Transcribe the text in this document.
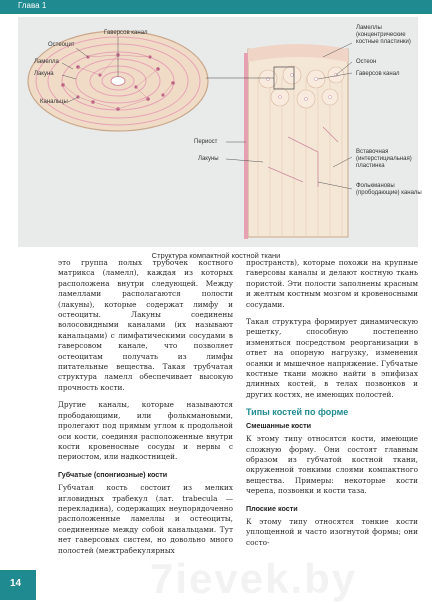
Глава 1
Гаверсов канал
Остеоцит
Ламелла
Лакуна
Канальцы
Ламеллы
(концентрические
костные пластинки)
Остеон
Гаверсов канал
Вставочная
(интерстициальная)
пластинка
Фолькмановы
(прободающие) каналы
Периост
Лакуны
Структура компактной костной ткани

это группа полых трубочек костного матрикса (ламелл), каждая из которых расположена внутри следующей. Между ламеллами располагаются полости (лакуны), которые содержат лимфу и остеоциты. Лакуны соединены волосовидными каналами (их называют канальцами) с лимфатическими сосудами в гаверсовом канале, что позволяет остеоцитам получать из лимфы питательные вещества. Такая трубчатая структура ламелл обеспечивает высокую прочность кости.

Другие каналы, которые называются прободающими, или фолькмановыми, пролегают под прямым углом к продольной оси кости, соединяя расположенные внутри кости кровеносные сосуды и нервы с периостом, или надкостницей.

Губчатые (спонгиозные) кости

Губчатая кость состоит из мелких игловидных трабекул (лат. trabecula — перекладина), содержащих неупорядоченно расположенные ламеллы и остеоциты, соединенные между собой канальцами. Тут нет гаверсовых систем, но довольно много полостей (межтрабекулярных

пространств), которые похожи на крупные гаверсовы каналы и делают костную ткань пористой. Эти полости заполнены красным и желтым костным мозгом и кровеносными сосудами.

Такая структура формирует динамическую решетку, способную постепенно изменяться посредством реорганизации в ответ на опорную нагрузку, изменения осанки и мышечное напряжение. Губчатые костные ткани можно найти в эпифизах длинных костей, в телах позвонков и других костях, не имеющих полостей.

Типы костей по форме
Смешанные кости

К этому типу относятся кости, имеющие сложную форму. Они состоят главным образом из губчатой костной ткани, окруженной тонкими слоями компактного вещества. Примеры: некоторые кости черепа, позвонки и кости таза.

Плоские кости

К этому типу относятся тонкие кости уплощенной и часто изогнутой формы; они состо-

7ievek.by
14
